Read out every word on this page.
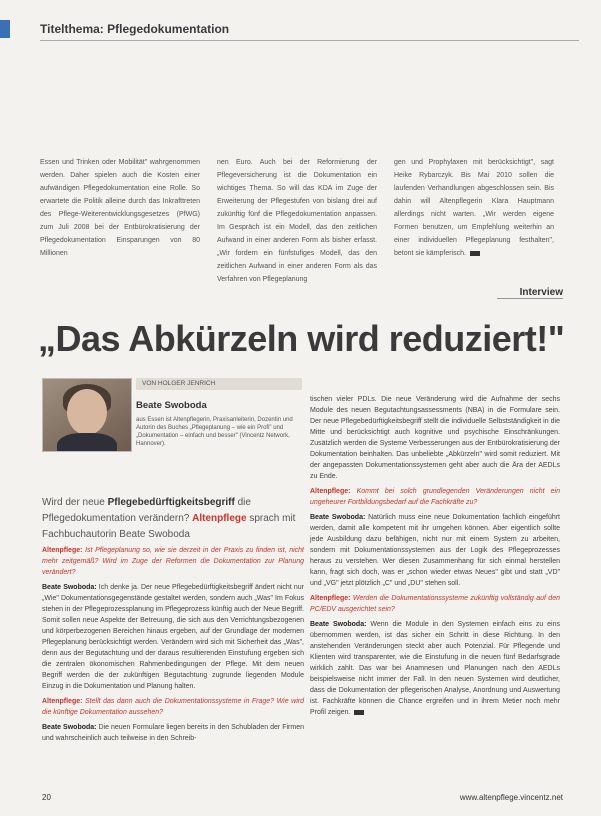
Titelthema: Pflegedokumentation

Essen und Trinken oder Mobilität" wahrgenommen werden. Daher spielen auch die Kosten einer aufwändigen Pflegedokumentation eine Rolle. So erwartete die Politik alleine durch das Inkrafttreten des Pflege-Weiterentwicklungsgesetzes (PfWG) zum Juli 2008 bei der Entbürokratisierung der Pflegedokumentation Einsparungen von 80 Millionen

nen Euro. Auch bei der Reformierung der Pflegeversicherung ist die Dokumentation ein wichtiges Thema. So will das KDA im Zuge der Erweiterung der Pflegestufen von bislang drei auf zukünftig fünf die Pflegedokumentation anpassen. Im Gespräch ist ein Modell, das den zeitlichen Aufwand in einer anderen Form als bisher erfasst. „Wir fordern ein fünfstufiges Modell, das den zeitlichen Aufwand in einer anderen Form als das Verfahren von Pflegeplanung

gen und Prophylaxen mit berücksichtigt", sagt Heike Rybarczyk. Bis Mai 2010 sollen die laufenden Verhandlungen abgeschlossen sein. Bis dahin will Altenpflegerin Klara Hauptmann allerdings nicht warten. „Wir werden eigene Formen benutzen, um Empfehlung weiterhin an einer individuellen Pflegeplanung festhalten", betont sie kämpferisch.

Interview
„Das Abkürzeln wird reduziert!"
VON HOLGER JENRICH
Beate Swoboda
aus Essen ist Altenpflegerin, Praxisanleiterin, Dozentin und Autorin des Buches „Pflegeplanung – wie ein Profi" und „Dokumentation – einfach und besser" (Vincentz Network, Hannover).
Wird der neue Pflegebedürftigkeitsbegriff die Pflegedokumentation verändern? Altenpflege sprach mit Fachbuchautorin Beate Swoboda

Altenpflege: Ist Pflegeplanung so, wie sie derzeit in der Praxis zu finden ist, nicht mehr zeitgemäß? Wird im Zuge der Reformen die Dokumentation zur Planung verändert?

Beate Swoboda: Ich denke ja. Der neue Pflegebedürftigkeitsbegriff ändert nicht nur „Wie" Dokumentationsgegenstände gestaltet werden, sondern auch „Was" Im Fokus stehen in der Pflegeprozessplanung im Pflegeprozess künftig auch der Neue Begriff. Somit sollen neue Aspekte der Betreuung, die sich aus den Verrichtungsbezogenen und körperbezogenen Bereichen hinaus ergeben, auf der Grundlage der modernen Pflegeplanung berücksichtigt werden. Verändern wird sich mit Sicherheit das „Was", denn aus der Begutachtung und der daraus resultierenden Einstufung ergeben sich die zentralen ökonomischen Rahmenbedingungen der Pflege. Mit dem neuen Begriff werden die der zukünftigen Begutachtung zugrunde liegenden Module Einzug in die Dokumentation und Planung halten.

Altenpflege: Stellt das dann auch die Dokumentationssysteme in Frage? Wie wird die künftige Dokumentation aussehen?

Beate Swoboda: Die neuen Formulare liegen bereits in den Schubladen der Firmen und wahrscheinlich auch teilweise in den Schreib-

tischen vieler PDLs. Die neue Veränderung wird die Aufnahme der sechs Module des neuen Begutachtungsassessments (NBA) in die Formulare sein. Der neue Pflegebedürftigkeitsbegriff stellt die individuelle Selbstständigkeit in die Mitte und berücksichtigt auch kognitive und psychische Einschränkungen. Zusätzlich werden die Systeme Verbesserungen aus der Entbürokratisierung der Dokumentation beinhalten. Das unbeliebte „Abkürzeln" wird somit reduziert. Mit der angepassten Dokumentationssystemen geht aber auch die Ära der AEDLs zu Ende.

Altenpflege: Kommt bei solch grundlegenden Veränderungen nicht ein ungeheurer Fortbildungsbedarf auf die Fachkräfte zu?

Beate Swoboda: Natürlich muss eine neue Dokumentation fachlich eingeführt werden, damit alle kompetent mit ihr umgehen können. Aber eigentlich sollte jede Ausbildung dazu befähigen, nicht nur mit einem System zu arbeiten, sondern mit Dokumentationssystemen aus der Logik des Pflegeprozesses heraus zu verstehen. Wer diesen Zusammenhang für sich einmal herstellen kann, fragt sich doch, was er „schon wieder etwas Neues" gibt und statt „VD" und „VG" jetzt plötzlich „C" und „DU" stehen soll.

Altenpflege: Werden die Dokumentationssysteme zukünftig vollständig auf den PC/EDV ausgerichtet sein?

Beate Swoboda: Wenn die Module in den Systemen einfach eins zu eins übernommen werden, ist das sicher ein Schritt in diese Richtung. In den anstehenden Veränderungen steckt aber auch Potenzial. Für Pflegende und Klienten wird transparenter, wie die Einstufung in die neuen fünf Bedarfsgrade wirklich zahlt. Das war bei Anamnesen und Planungen nach den AEDLs beispielsweise nicht immer der Fall. In den neuen Systemen wird deutlicher, dass die Dokumentation der pflegerischen Analyse, Anordnung und Auswertung ist. Fachkräfte können die Chance ergreifen und in ihrem Metier noch mehr Profil zeigen.

20	www.altenpflege.vincentz.net
